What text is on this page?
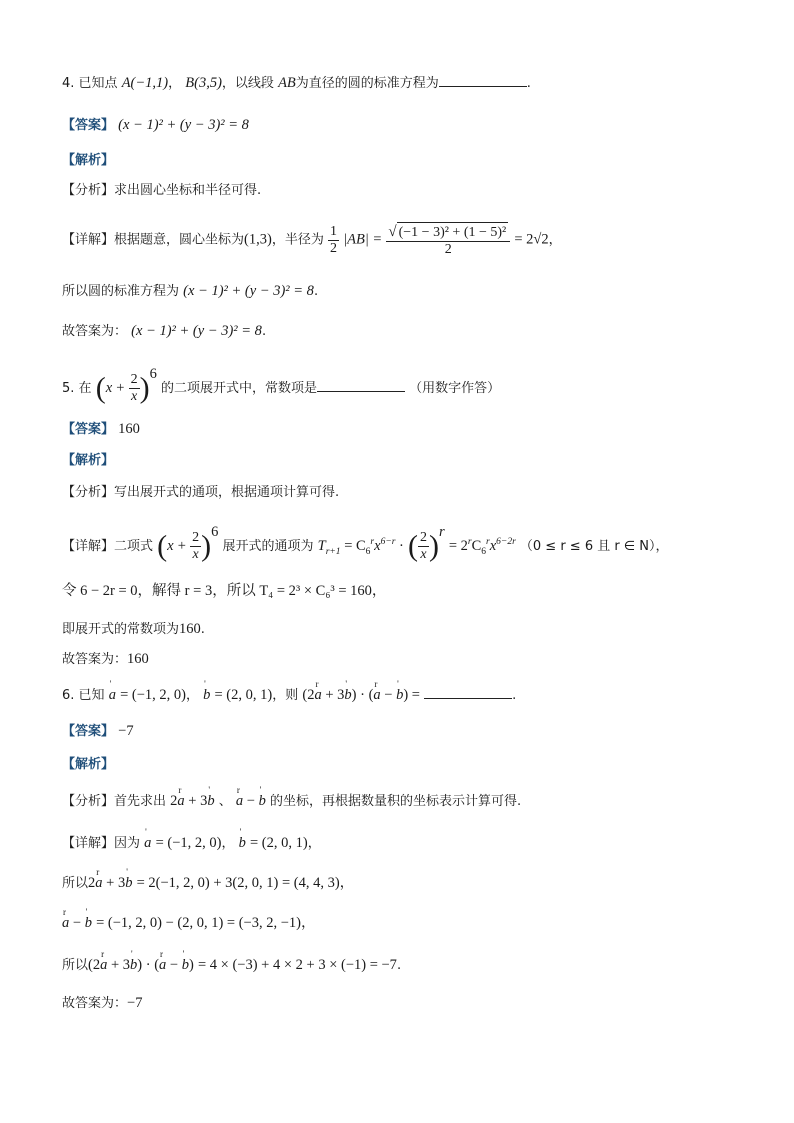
4. 已知点 A(−1,1)， B(3,5)，以线段 AB为直径的圆的标准方程为	.
【答案】 (x − 1)² + (y − 3)² = 8
【解析】
【分析】求出圆心坐标和半径可得.
【详解】根据题意，圆心坐标为(1,3)，半径为 $\frac{1}{2} |AB| = \frac{\text{√ (−1 − 3)² + (1 − 5)²}}{2} = 2√2$，
所以圆的标准方程为 (x − 1)² + (y − 3)² = 8.
故答案为： (x − 1)² + (y − 3)² = 8.
5. 在 $(x + \frac{2}{x} )^6$ 的二项展开式中，常数项是	（用数字作答）
【答案】 160
【解析】
【分析】写出展开式的通项，根据通项计算可得.
【详解】二项式 $(x + \frac{2}{x} )^6$ 展开式的通项为 $T_{r+1} = C_6^rx^{6-r}$ · ( $\frac{2}{x} )^r = 2^rC_6^rx^{6-2r}$ （0 ≤ r ≤ 6 且 r ∈ N），
令 6 − 2r = 0，解得 r = 3，所以 T₄ = 2³ × C₆³ = 160，
即展开式的常数项为160.
故答案为：160
6. 已知 ' a = (−1, 2, 0)， ' b = (2, 0, 1)，则 (2r a + 3' b) · (r a − ' b) =	.
【答案】 −7
【解析】
【分析】首先求出 2r a + 3' b 、 r a − ' b 的坐标，再根据数量积的坐标表示计算可得.
【详解】因为 ' a = (−1, 2, 0)， ' b = (2, 0, 1)，
所以2r a + 3' b = 2(−1, 2, 0) + 3(2, 0, 1) = (4, 4, 3)，
r a − ' b = (−1, 2, 0) − (2, 0, 1) = (−3, 2, −1)，
所以(2r a + 3' b) · (r a − ' b) = 4 × (−3) + 4 × 2 + 3 × (−1) = −7.
故答案为：−7
